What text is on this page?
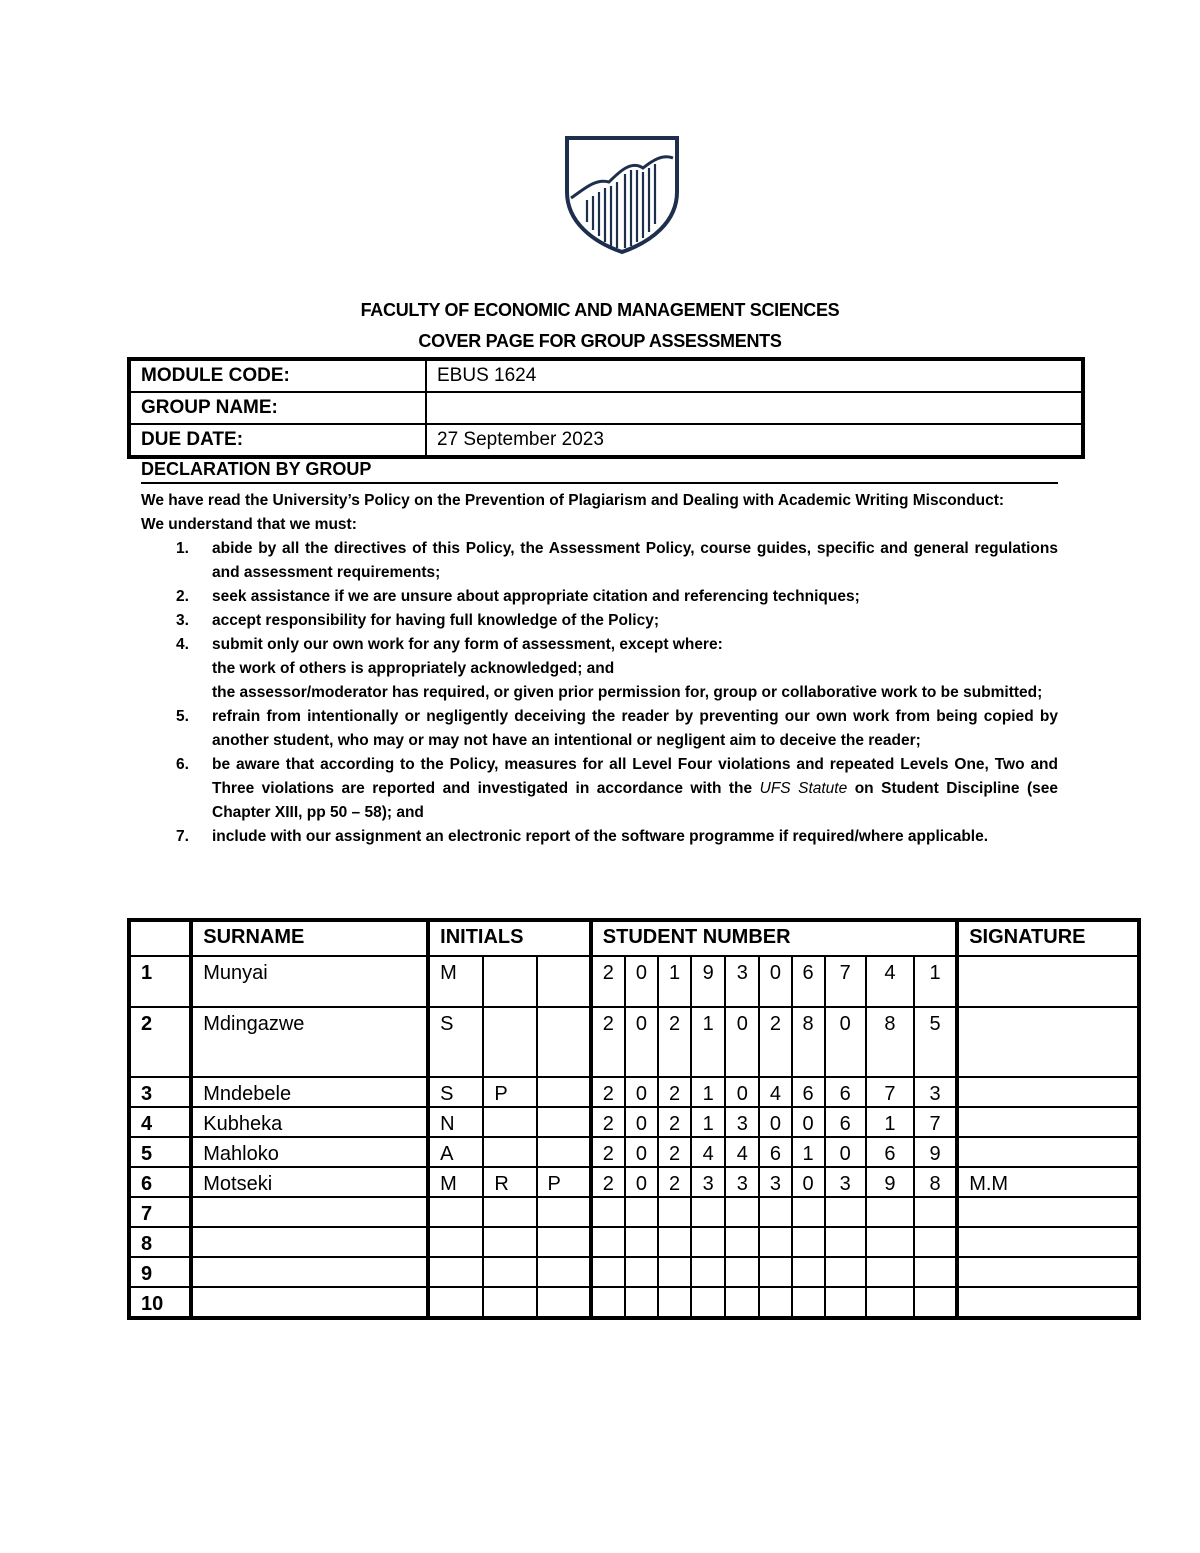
FACULTY OF ECONOMIC AND MANAGEMENT SCIENCES
COVER PAGE FOR GROUP ASSESSMENTS
MODULE CODE:	EBUS 1624
GROUP NAME:	
DUE DATE:	27 September 2023
DECLARATION BY GROUP

We have read the University’s Policy on the Prevention of Plagiarism and Dealing with Academic Writing Misconduct:

We understand that we must:

1. abide by all the directives of this Policy, the Assessment Policy, course guides, specific and general regulations and assessment requirements;
2. seek assistance if we are unsure about appropriate citation and referencing techniques;
3. accept responsibility for having full knowledge of the Policy;
4. submit only our own work for any form of assessment, except where:
the work of others is appropriately acknowledged; and
the assessor/moderator has required, or given prior permission for, group or collaborative work to be submitted;
5. refrain from intentionally or negligently deceiving the reader by preventing our own work from being copied by another student, who may or may not have an intentional or negligent aim to deceive the reader;
6. be aware that according to the Policy, measures for all Level Four violations and repeated Levels One, Two and Three violations are reported and investigated in accordance with the UFS Statute on Student Discipline (see Chapter XIII, pp 50 – 58); and
7. include with our assignment an electronic report of the software programme if required/where applicable.
	SURNAME	INITIALS			STUDENT NUMBER										SIGNATURE
1	Munyai	M			2	0	1	9	3	0	6	7	4	1	
2	Mdingazwe	S			2	0	2	1	0	2	8	0	8	5	
3	Mndebele	S	P		2	0	2	1	0	4	6	6	7	3	
4	Kubheka	N			2	0	2	1	3	0	0	6	1	7	
5	Mahloko	A			2	0	2	4	4	6	1	0	6	9	
6	Motseki	M	R	P	2	0	2	3	3	3	0	3	9	8	M.M
7															
8															
9															
10															
